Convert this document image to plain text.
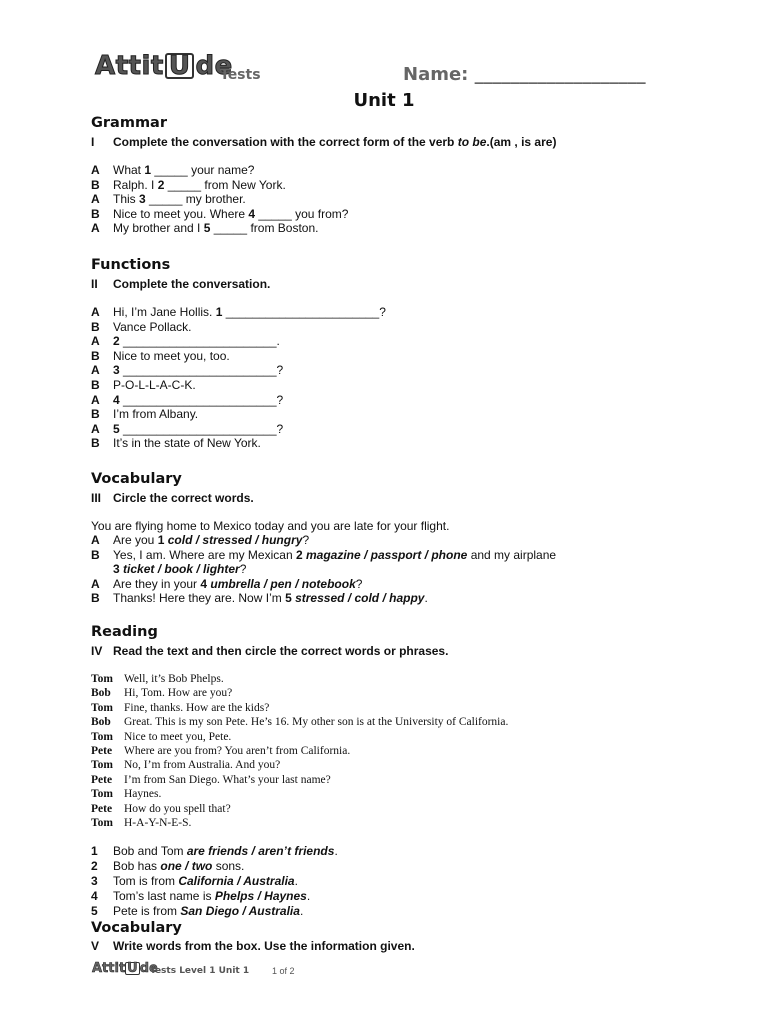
Attit U de
Tests	Name: ___________________
Unit 1
Grammar
I Complete the conversation with the correct form of the verb to be.(am , is are)
A What 1 _____ your name?
B Ralph. I 2 _____ from New York.
A This 3 _____ my brother.
B Nice to meet you. Where 4 _____ you from?
A My brother and I 5 _____ from Boston.
Functions
II Complete the conversation.
A Hi, I’m Jane Hollis. 1 _______________________?
B Vance Pollack.
A 2 _______________________.
B Nice to meet you, too.
A 3 _______________________?
B P-O-L-L-A-C-K.
A 4 _______________________?
B I’m from Albany.
A 5 _______________________?
B It’s in the state of New York.
Vocabulary
III Circle the correct words.
You are flying home to Mexico today and you are late for your flight.
A Are you 1 cold / stressed / hungry?
B Yes, I am. Where are my Mexican 2 magazine / passport / phone and my airplane
3 ticket / book / lighter?
A Are they in your 4 umbrella / pen / notebook?
B Thanks! Here they are. Now I’m 5 stressed / cold / happy.
Reading
IV Read the text and then circle the correct words or phrases.
Tom Well, it’s Bob Phelps.
Bob Hi, Tom. How are you?
Tom Fine, thanks. How are the kids?
Bob Great. This is my son Pete. He’s 16. My other son is at the University of California.
Tom Nice to meet you, Pete.
Pete Where are you from? You aren’t from California.
Tom No, I’m from Australia. And you?
Pete I’m from San Diego. What’s your last name?
Tom Haynes.
Pete How do you spell that?
Tom H-A-Y-N-E-S.
1 Bob and Tom are friends / aren’t friends.
2 Bob has one / two sons.
3 Tom is from California / Australia.
4 Tom’s last name is Phelps / Haynes.
5 Pete is from San Diego / Australia.
Vocabulary
V Write words from the box. Use the information given.
Attit U de
Tests Level 1 Unit 1	1 of 2
